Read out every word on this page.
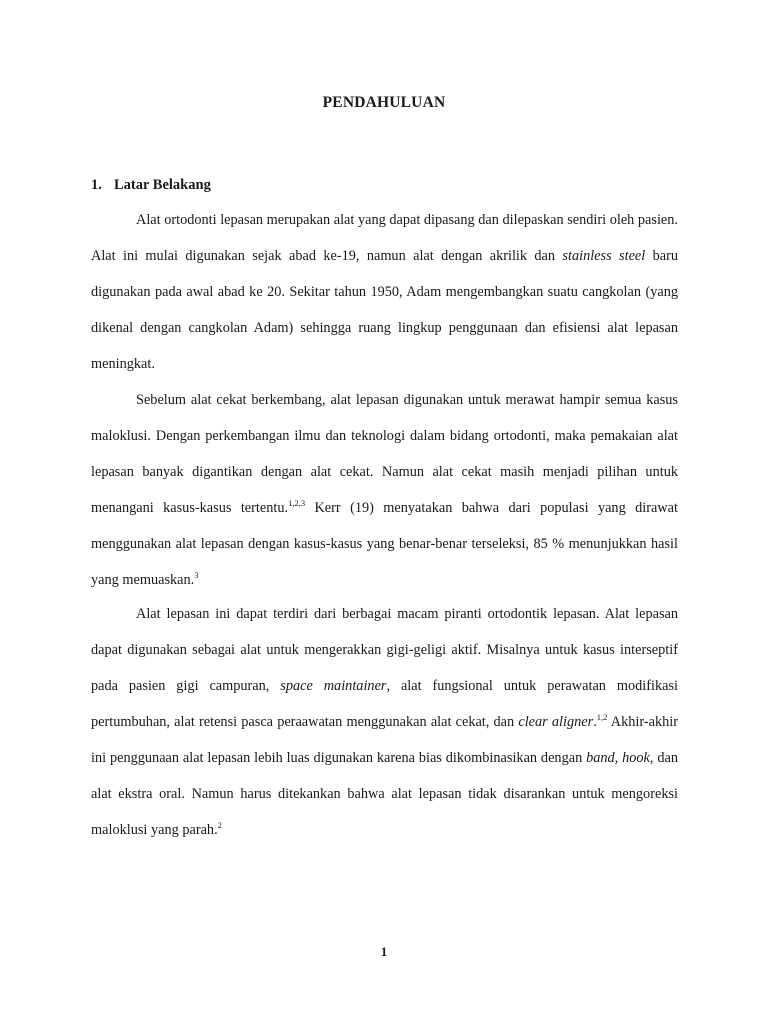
PENDAHULUAN
1. Latar Belakang

Alat ortodonti lepasan merupakan alat yang dapat dipasang dan dilepaskan sendiri oleh pasien. Alat ini mulai digunakan sejak abad ke-19, namun alat dengan akrilik dan stainless steel baru digunakan pada awal abad ke 20. Sekitar tahun 1950, Adam mengembangkan suatu cangkolan (yang dikenal dengan cangkolan Adam) sehingga ruang lingkup penggunaan dan efisiensi alat lepasan meningkat.

Sebelum alat cekat berkembang, alat lepasan digunakan untuk merawat hampir semua kasus maloklusi. Dengan perkembangan ilmu dan teknologi dalam bidang ortodonti, maka pemakaian alat lepasan banyak digantikan dengan alat cekat. Namun alat cekat masih menjadi pilihan untuk menangani kasus-kasus tertentu.$^{1,2,3}$ Kerr (19) menyatakan bahwa dari populasi yang dirawat menggunakan alat lepasan dengan kasus-kasus yang benar-benar terseleksi, 85 % menunjukkan hasil yang memuaskan.$^3$

Alat lepasan ini dapat terdiri dari berbagai macam piranti ortodontik lepasan. Alat lepasan dapat digunakan sebagai alat untuk mengerakkan gigi-geligi aktif. Misalnya untuk kasus interseptif pada pasien gigi campuran, space maintainer, alat fungsional untuk perawatan modifikasi pertumbuhan, alat retensi pasca peraawatan menggunakan alat cekat, dan clear aligner.$^{1,2}$ Akhir-akhir ini penggunaan alat lepasan lebih luas digunakan karena bias dikombinasikan dengan band, hook, dan alat ekstra oral. Namun harus ditekankan bahwa alat lepasan tidak disarankan untuk mengoreksi maloklusi yang parah.$^2$

1
